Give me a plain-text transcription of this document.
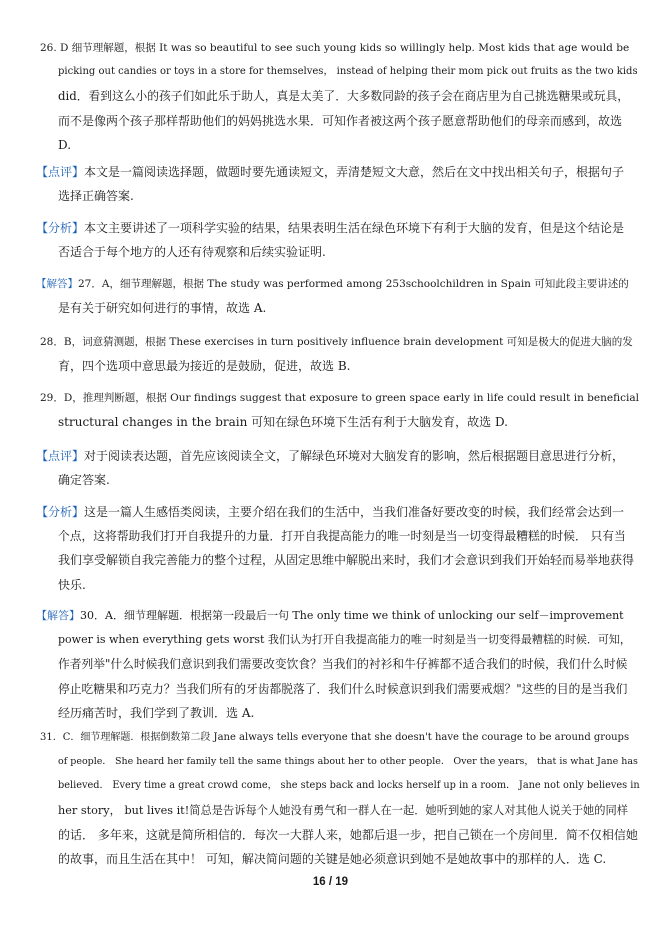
26. D 细节理解题，根据 It was so beautiful to see such young kids so willingly help. Most kids that age would be
picking out candies or toys in a store for themselves， instead of helping their mom pick out fruits as the two kids
did．看到这么小的孩子们如此乐于助人，真是太美了．大多数同龄的孩子会在商店里为自己挑选糖果或玩具，
而不是像两个孩子那样帮助他们的妈妈挑选水果．可知作者被这两个孩子愿意帮助他们的母亲而感到，故选
D.
【点评】本文是一篇阅读选择题，做题时要先通读短文，弄清楚短文大意，然后在文中找出相关句子，根据句子
选择正确答案.
【分析】本文主要讲述了一项科学实验的结果，结果表明生活在绿色环境下有利于大脑的发育，但是这个结论是
否适合于每个地方的人还有待观察和后续实验证明.
【解答】27．A，细节理解题，根据 The study was performed among 253schoolchildren in Spain 可知此段主要讲述的
是有关于研究如何进行的事情，故选 A.
28．B，词意猜测题，根据 These exercises in turn positively influence brain development 可知是极大的促进大脑的发
育，四个选项中意思最为接近的是鼓励，促进，故选 B.
29．D，推理判断题，根据 Our findings suggest that exposure to green space early in life could result in beneficial
structural changes in the brain 可知在绿色环境下生活有利于大脑发育，故选 D.
【点评】对于阅读表达题，首先应该阅读全文，了解绿色环境对大脑发育的影响，然后根据题目意思进行分析，
确定答案.
【分析】这是一篇人生感悟类阅读，主要介绍在我们的生活中，当我们准备好要改变的时候，我们经常会达到一
个点，这将帮助我们打开自我提升的力量．打开自我提高能力的唯一时刻是当一切变得最糟糕的时候． 只有当
我们享受解锁自我完善能力的整个过程，从固定思维中解脱出来时，我们才会意识到我们开始轻而易举地获得
快乐.
【解答】30．A．细节理解题．根据第一段最后一句 The only time we think of unlocking our self－improvement
power is when everything gets worst 我们认为打开自我提高能力的唯一时刻是当一切变得最糟糕的时候．可知，
作者列举"什么时候我们意识到我们需要改变饮食？当我们的衬衫和牛仔裤都不适合我们的时候，我们什么时候
停止吃糖果和巧克力？当我们所有的牙齿都脱落了．我们什么时候意识到我们需要戒烟？"这些的目的是当我们
经历痛苦时，我们学到了教训．选 A.
31．C．细节理解题．根据倒数第二段 Jane always tells everyone that she doesn't have the courage to be around groups
of people． She heard her family tell the same things about her to other people． Over the years， that is what Jane has
believed． Every time a great crowd come， she steps back and locks herself up in a room． Jane not only believes in
her story， but lives it!简总是告诉每个人她没有勇气和一群人在一起．她听到她的家人对其他人说关于她的同样
的话． 多年来，这就是简所相信的．每次一大群人来，她都后退一步，把自己锁在一个房间里．简不仅相信她
的故事，而且生活在其中！ 可知，解决简问题的关键是她必须意识到她不是她故事中的那样的人．选 C.
16 / 19
